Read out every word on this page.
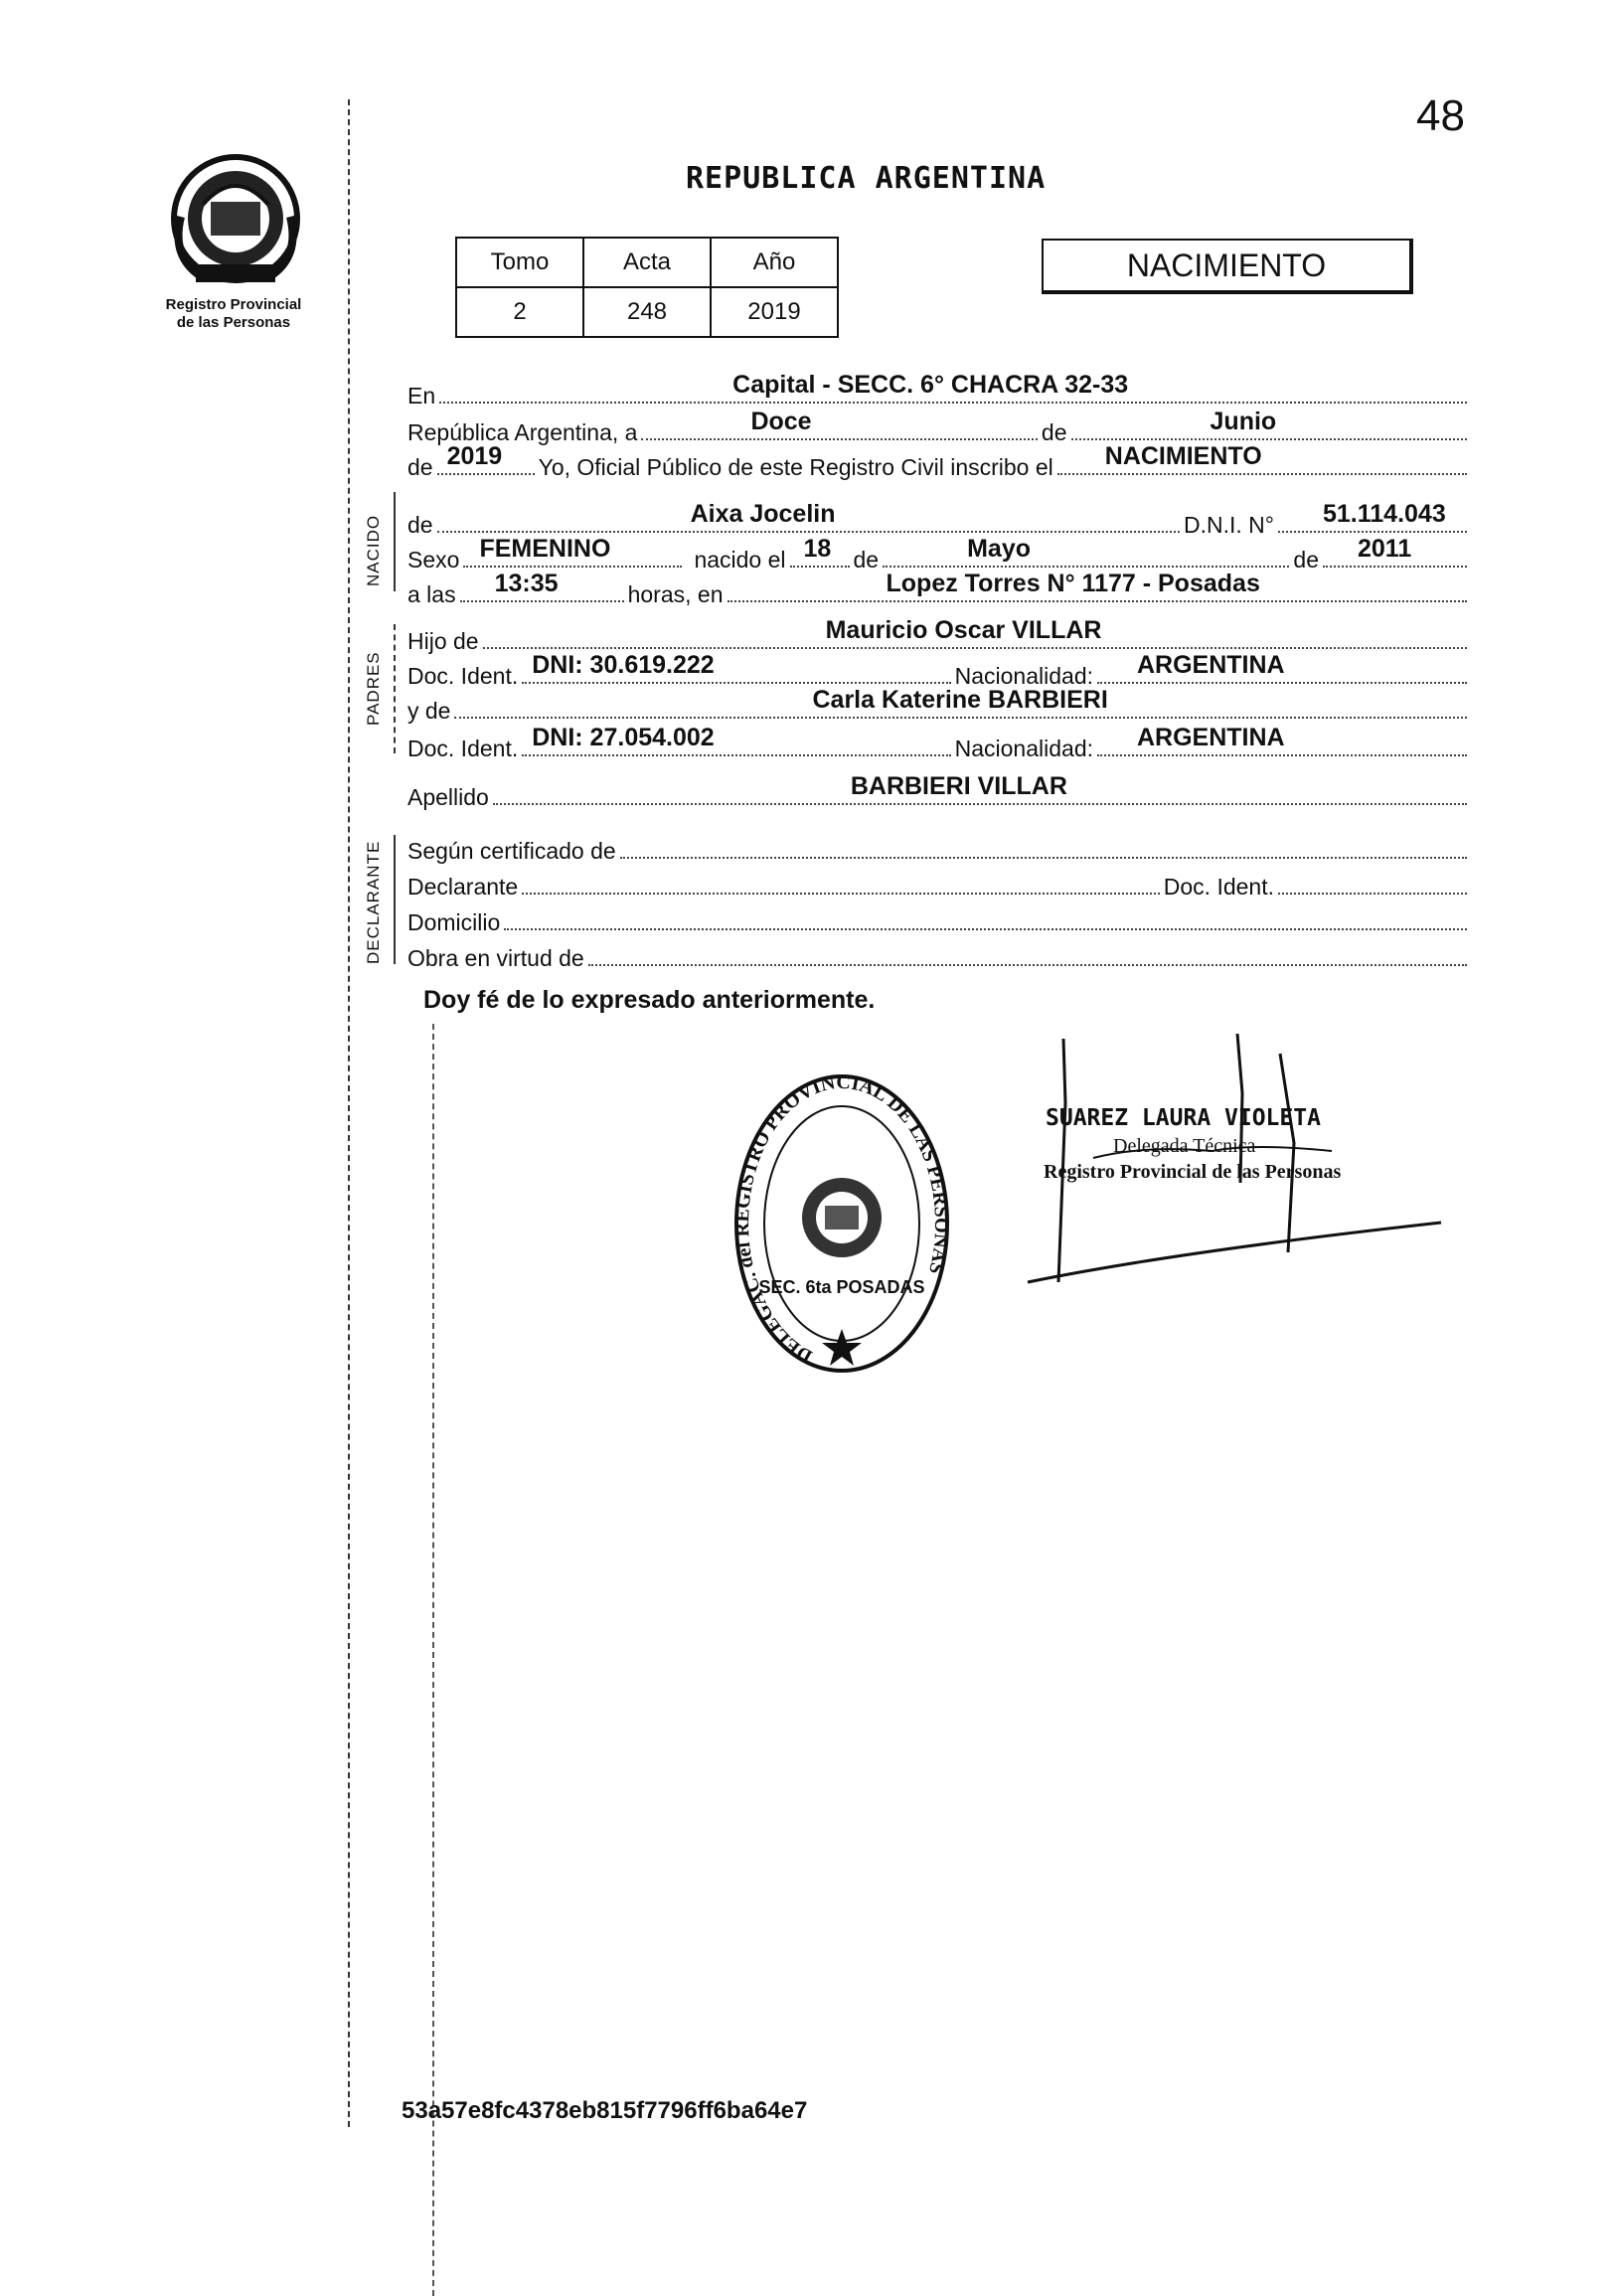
48
Registro Provincial
de las Personas
REPUBLICA ARGENTINA
Tomo	Acta	Año
2	248	2019
NACIMIENTO
En	Capital - SECC. 6° CHACRA 32-33
República Argentina, a	Doce	de	Junio
de 2019 Yo, Oficial Público de este Registro Civil inscribo el NACIMIENTO
de	Aixa Jocelin	D.N.I. N° 51.114.043
Sexo FEMENINO	nacido el 18 de	Mayo	de 2011
a las 13:35	horas, en	Lopez Torres N° 1177 - Posadas
Hijo de	Mauricio Oscar VILLAR
Doc. Ident. DNI: 30.619.222	Nacionalidad: ARGENTINA
y de	Carla Katerine BARBIERI
Doc. Ident. DNI: 27.054.002	Nacionalidad: ARGENTINA
Apellido	BARBIERI VILLAR
Según certificado de
Declarante	Doc. Ident.
Domicilio
Obra en virtud de
NACIDO
PADRES
DECLARANTE
Doy fé de lo expresado anteriormente.
DELEGAC. del REGISTRO PROVINCIAL DE LAS PERSONAS
SEC. 6ta POSADAS
SUAREZ LAURA VIOLETA
Delegada Técnica
Registro Provincial de las Personas
53a57e8fc4378eb815f7796ff6ba64e7
